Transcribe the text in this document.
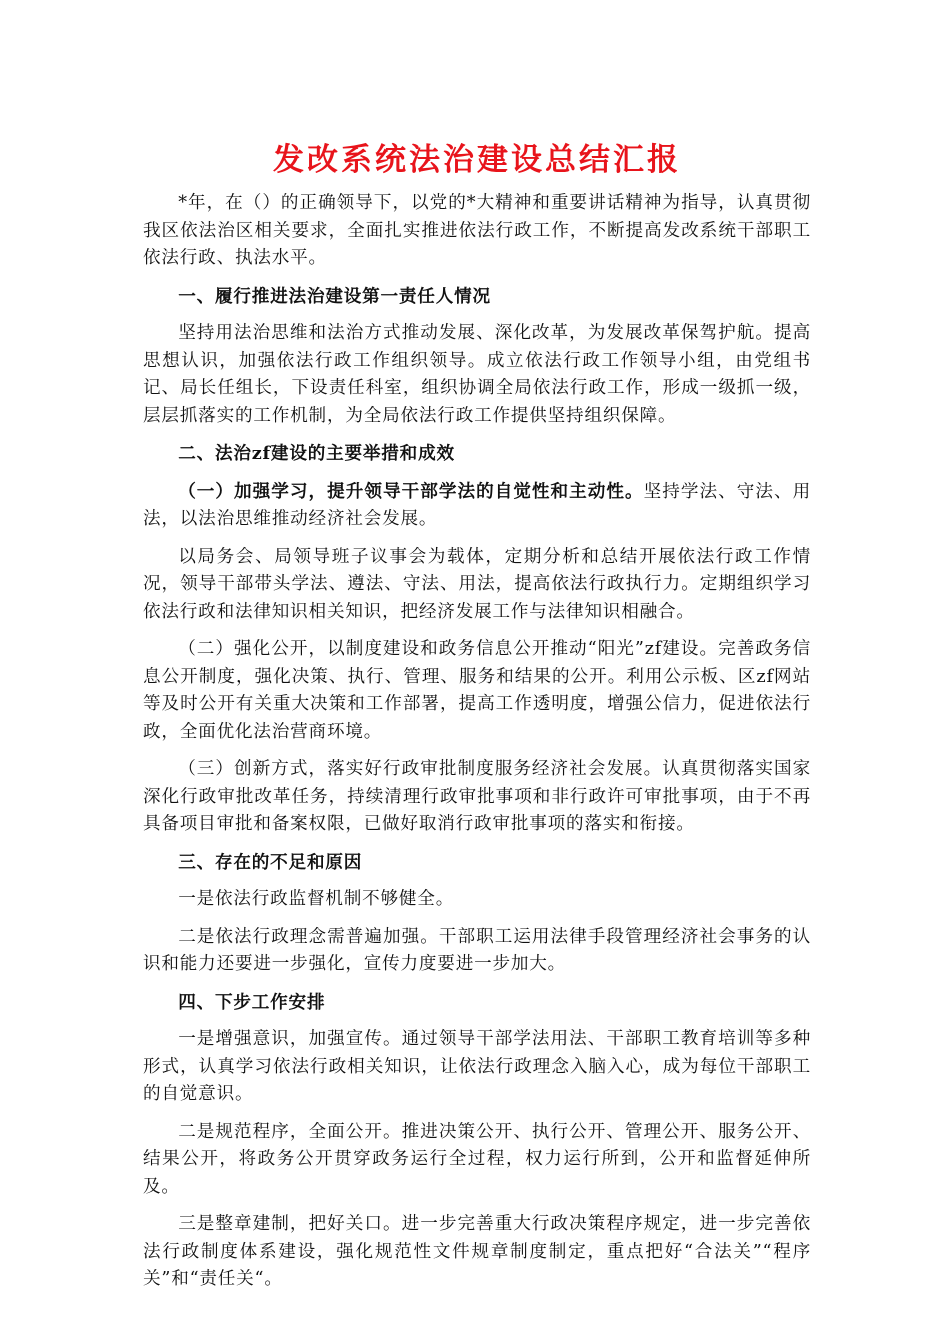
发改系统法治建设总结汇报

*年，在（）的正确领导下，以党的*大精神和重要讲话精神为指导，认真贯彻我区依法治区相关要求，全面扎实推进依法行政工作，不断提高发改系统干部职工依法行政、执法水平。

一、履行推进法治建设第一责任人情况

坚持用法治思维和法治方式推动发展、深化改革，为发展改革保驾护航。提高思想认识，加强依法行政工作组织领导。成立依法行政工作领导小组，由党组书记、局长任组长，下设责任科室，组织协调全局依法行政工作，形成一级抓一级，层层抓落实的工作机制，为全局依法行政工作提供坚持组织保障。

二、法治zf建设的主要举措和成效

（一）加强学习，提升领导干部学法的自觉性和主动性。坚持学法、守法、用法，以法治思维推动经济社会发展。

以局务会、局领导班子议事会为载体，定期分析和总结开展依法行政工作情况，领导干部带头学法、遵法、守法、用法，提高依法行政执行力。定期组织学习依法行政和法律知识相关知识，把经济发展工作与法律知识相融合。

（二）强化公开，以制度建设和政务信息公开推动“阳光”zf建设。完善政务信息公开制度，强化决策、执行、管理、服务和结果的公开。利用公示板、区zf网站等及时公开有关重大决策和工作部署，提高工作透明度，增强公信力，促进依法行政，全面优化法治营商环境。

（三）创新方式，落实好行政审批制度服务经济社会发展。认真贯彻落实国家深化行政审批改革任务，持续清理行政审批事项和非行政许可审批事项，由于不再具备项目审批和备案权限，已做好取消行政审批事项的落实和衔接。

三、存在的不足和原因

一是依法行政监督机制不够健全。

二是依法行政理念需普遍加强。干部职工运用法律手段管理经济社会事务的认识和能力还要进一步强化，宣传力度要进一步加大。

四、下步工作安排

一是增强意识，加强宣传。通过领导干部学法用法、干部职工教育培训等多种形式，认真学习依法行政相关知识，让依法行政理念入脑入心，成为每位干部职工的自觉意识。

二是规范程序，全面公开。推进决策公开、执行公开、管理公开、服务公开、结果公开，将政务公开贯穿政务运行全过程，权力运行所到，公开和监督延伸所及。

三是整章建制，把好关口。进一步完善重大行政决策程序规定，进一步完善依法行政制度体系建设，强化规范性文件规章制度制定，重点把好“合法关”“程序关”和“责任关“。
